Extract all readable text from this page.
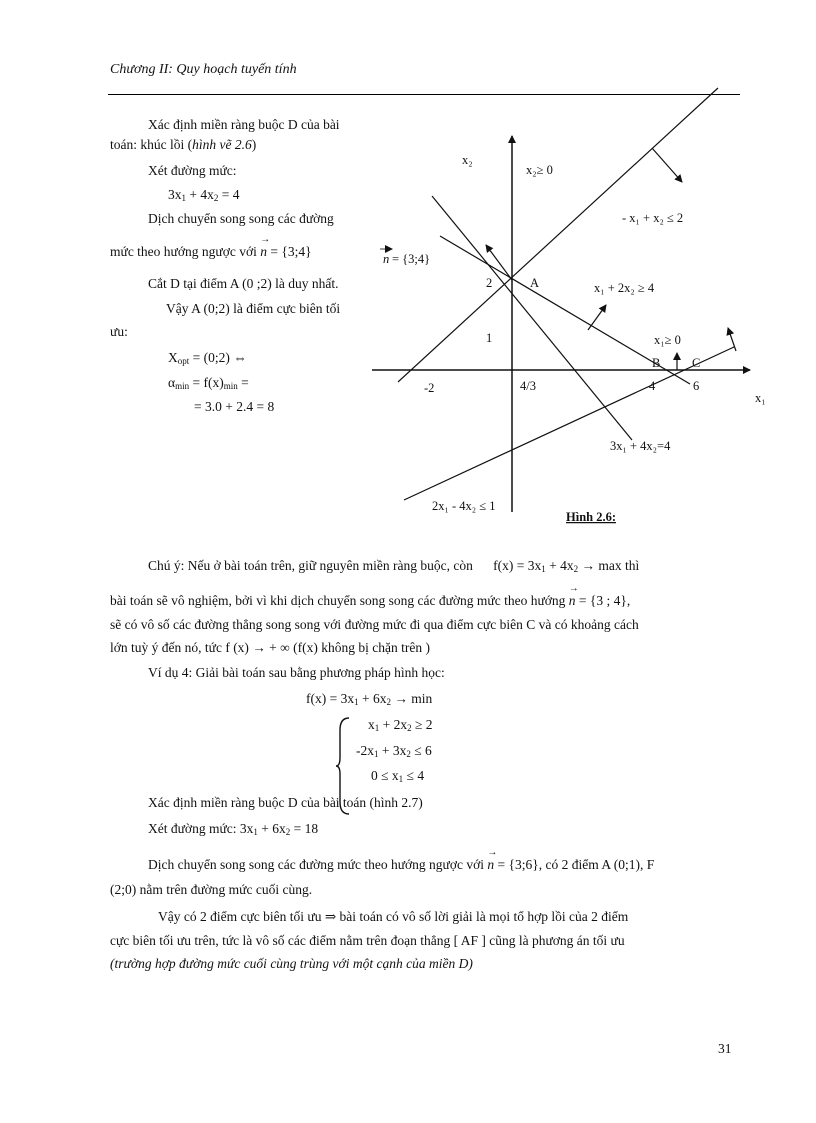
Chương II: Quy hoạch tuyến tính
Xác định miền ràng buộc D của bài
toán: khúc lồi (hình vẽ 2.6)
Xét đường mức:
$3x_1 + 4x_2 = 4$
Dịch chuyển song song các đường
mức theo hướng ngược với → n = {3;4}
Cắt D tại điểm A (0 ;2) là duy nhất.
Vậy A (0;2) là điểm cực biên tối
ưu:
$X_{opt}$ = (0;2) ⇔
$\alpha_{min} = f(x)_{min}$ =
= 3.0 + 2.4 = 8
x₂
x₁
x₂≥ 0
- x₁ + x₂ ≤ 2
x₁ + 2x₂ ≥ 4
x₁≥ 0
3x₁ + 4x₂=4
2x₁ - 4x₂ ≤ 1
n = {3;4}
A
B	C
2
1
-2	4/3	4	6
Hình 2.6:
Chú ý: Nếu ở bài toán trên, giữ nguyên miền ràng buộc, còn $f(x) = 3x_1 + 4x_2 \to \max$ thì
bài toán sẽ vô nghiệm, bởi vì khi dịch chuyển song song các đường mức theo hướng → n = {3 ; 4},
sẽ có vô số các đường thẳng song song với đường mức đi qua điểm cực biên C và có khoảng cách
lớn tuỳ ý đến nó, tức f (x) → + ∞ (f(x) không bị chặn trên )
Ví dụ 4: Giải bài toán sau bằng phương pháp hình học:
$f(x) = 3x_1 + 6x_2 \to \min$
$x_1 + 2x_2 \ge 2$
$-2x_1 + 3x_2 \le 6$
$0 \le x_1 \le 4$
Xác định miền ràng buộc D của bài toán (hình 2.7)
Xét đường mức: $3x_1 + 6x_2 = 18$
Dịch chuyển song song các đường mức theo hướng ngược với → n = {3;6}, có 2 điểm A (0;1), F
(2;0) nằm trên đường mức cuối cùng.
Vậy có 2 điểm cực biên tối ưu ⇒ bài toán có vô số lời giải là mọi tổ hợp lồi của 2 điểm
cực biên tối ưu trên, tức là vô số các điểm nằm trên đoạn thẳng [ AF ] cũng là phương án tối ưu
(trường hợp đường mức cuối cùng trùng với một cạnh của miền D)
31
